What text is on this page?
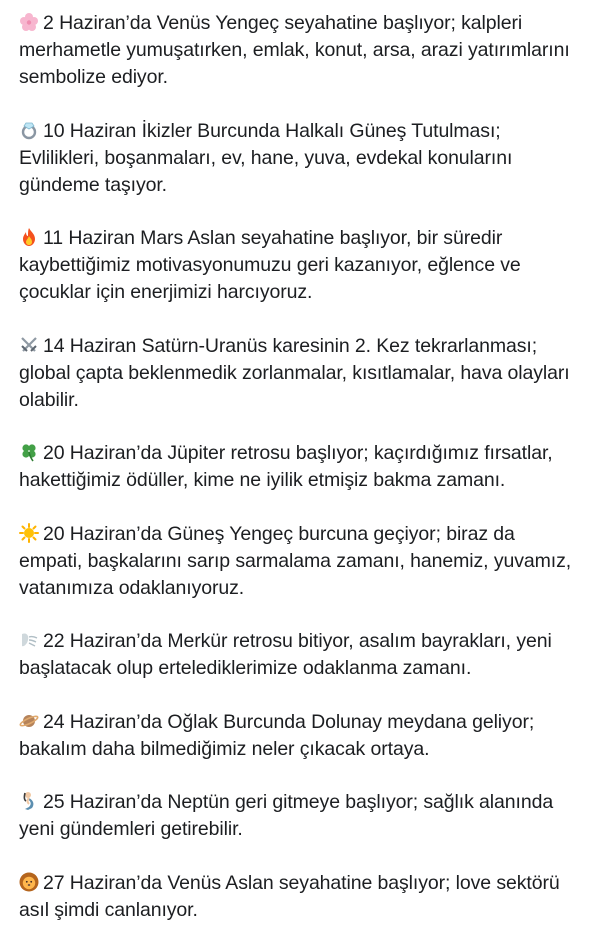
2 Haziran’da Venüs Yengeç seyahatine başlıyor; kalpleri merhametle yumuşatırken, emlak, konut, arsa, arazi yatırımlarını sembolize ediyor.
10 Haziran İkizler Burcunda Halkalı Güneş Tutulması; Evlilikleri, boşanmaları, ev, hane, yuva, evdekal konularını gündeme taşıyor.
11 Haziran Mars Aslan seyahatine başlıyor, bir süredir kaybettiğimiz motivasyonumuzu geri kazanıyor, eğlence ve çocuklar için enerjimizi harcıyoruz.
14 Haziran Satürn-Uranüs karesinin 2. Kez tekrarlanması; global çapta beklenmedik zorlanmalar, kısıtlamalar, hava olayları olabilir.
20 Haziran’da Jüpiter retrosu başlıyor; kaçırdığımız fırsatlar, hakettiğimiz ödüller, kime ne iyilik etmişiz bakma zamanı.
20 Haziran’da Güneş Yengeç burcuna geçiyor; biraz da empati, başkalarını sarıp sarmalama zamanı, hanemiz, yuvamız, vatanımıza odaklanıyoruz.
22 Haziran’da Merkür retrosu bitiyor, asalım bayrakları, yeni başlatacak olup ertelediklerimize odaklanma zamanı.
24 Haziran’da Oğlak Burcunda Dolunay meydana geliyor; bakalım daha bilmediğimiz neler çıkacak ortaya.
25 Haziran’da Neptün geri gitmeye başlıyor; sağlık alanında yeni gündemleri getirebilir.
27 Haziran’da Venüs Aslan seyahatine başlıyor; love sektörü asıl şimdi canlanıyor.
